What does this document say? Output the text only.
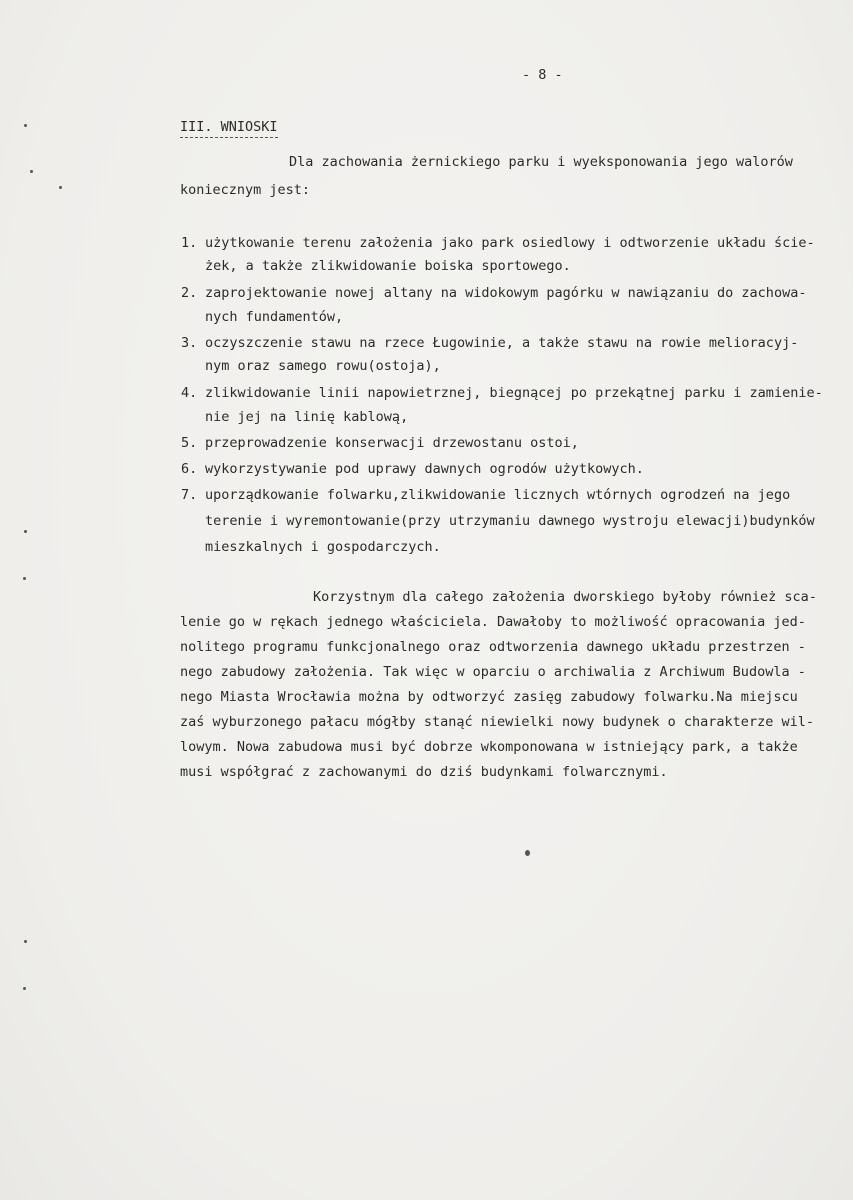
- 8 -
III. WNIOSKI
Dla zachowania żernickiego parku i wyeksponowania jego walorów
koniecznym jest:
1. użytkowanie terenu założenia jako park osiedlowy i odtworzenie układu ście-
żek, a także zlikwidowanie boiska sportowego.
2. zaprojektowanie nowej altany na widokowym pagórku w nawiązaniu do zachowa-
nych fundamentów,
3. oczyszczenie stawu na rzece Ługowinie, a także stawu na rowie melioracyj-
nym oraz samego rowu(ostoja),
4. zlikwidowanie linii napowietrznej, biegnącej po przekątnej parku i zamienie-
nie jej na linię kablową,
5. przeprowadzenie konserwacji drzewostanu ostoi,
6. wykorzystywanie pod uprawy dawnych ogrodów użytkowych.
7. uporządkowanie folwarku,zlikwidowanie licznych wtórnych ogrodzeń na jego
terenie i wyremontowanie(przy utrzymaniu dawnego wystroju elewacji)budynków
mieszkalnych i gospodarczych.
Korzystnym dla całego założenia dworskiego byłoby również sca-
lenie go w rękach jednego właściciela. Dawałoby to możliwość opracowania jed-
nolitego programu funkcjonalnego oraz odtworzenia dawnego układu przestrzen -
nego zabudowy założenia. Tak więc w oparciu o archiwalia z Archiwum Budowla -
nego Miasta Wrocławia można by odtworzyć zasięg zabudowy folwarku.Na miejscu
zaś wyburzonego pałacu mógłby stanąć niewielki nowy budynek o charakterze wil-
lowym. Nowa zabudowa musi być dobrze wkomponowana w istniejący park, a także
musi współgrać z zachowanymi do dziś budynkami folwarcznymi.
